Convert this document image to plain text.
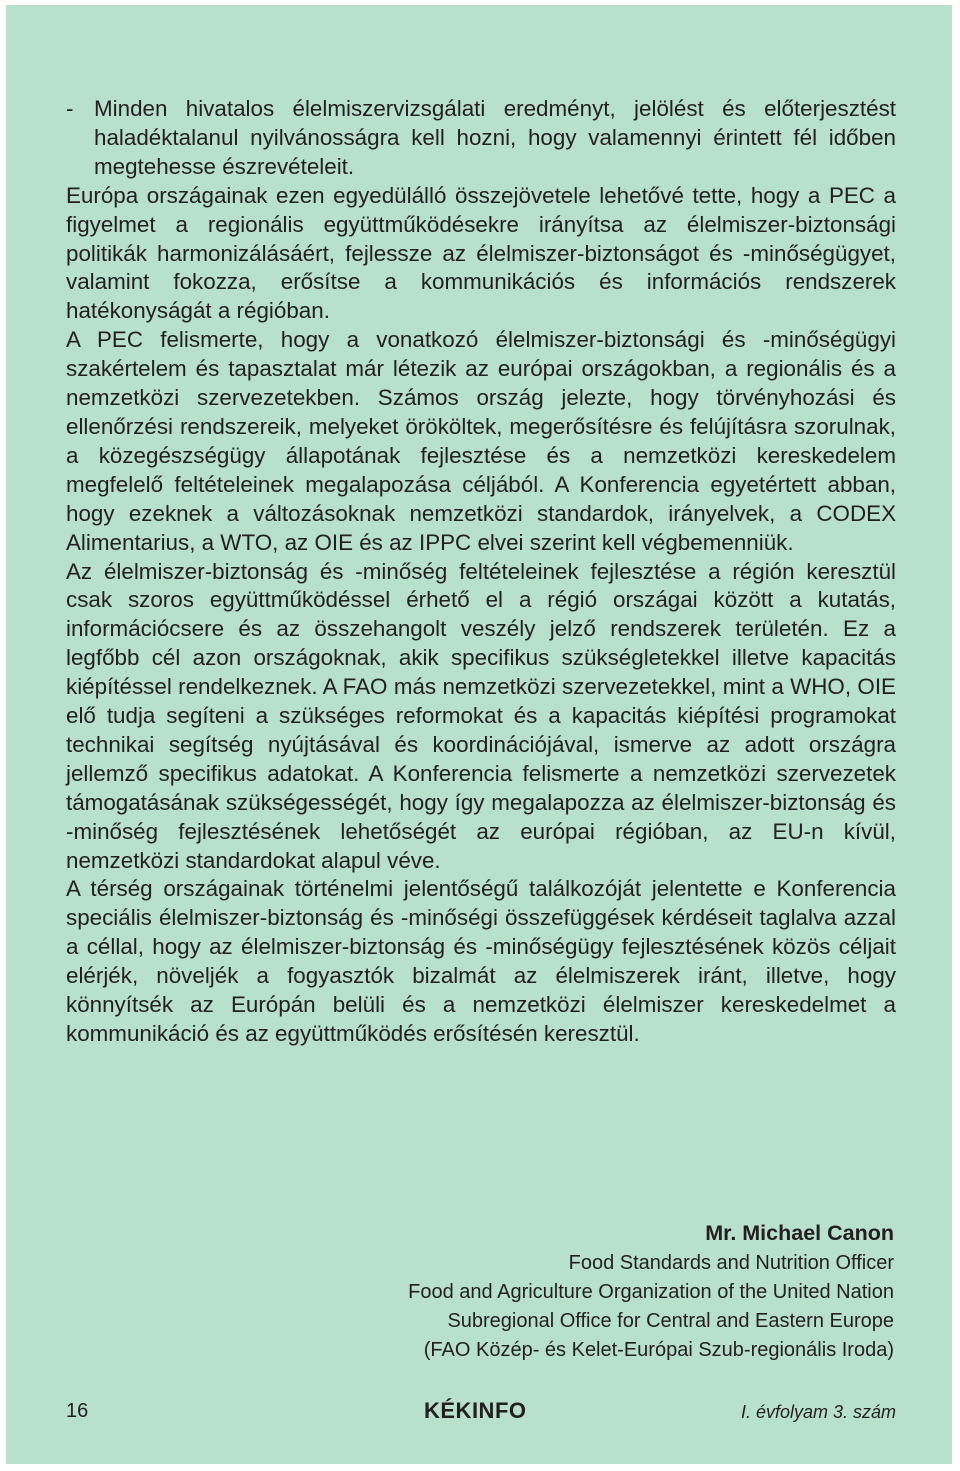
- Minden hivatalos élelmiszervizsgálati eredményt, jelölést és előterjesztést haladéktalanul nyilvánosságra kell hozni, hogy valamennyi érintett fél időben megtehesse észrevételeit.

Európa országainak ezen egyedülálló összejövetele lehetővé tette, hogy a PEC a figyelmet a regionális együttműködésekre irányítsa az élelmiszer-biztonsági politikák harmonizálásáért, fejlessze az élelmiszer-biztonságot és -minőségügyet, valamint fokozza, erősítse a kommunikációs és információs rendszerek hatékonyságát a régióban.

A PEC felismerte, hogy a vonatkozó élelmiszer-biztonsági és -minőségügyi szakértelem és tapasztalat már létezik az európai országokban, a regionális és a nemzetközi szervezetekben. Számos ország jelezte, hogy törvényhozási és ellenőrzési rendszereik, melyeket örököltek, megerősítésre és felújításra szorulnak, a közegészségügy állapotának fejlesztése és a nemzetközi kereskedelem megfelelő feltételeinek megalapozása céljából. A Konferencia egyetértett abban, hogy ezeknek a változásoknak nemzetközi standardok, irányelvek, a CODEX Alimentarius, a WTO, az OIE és az IPPC elvei szerint kell végbemenniük.

Az élelmiszer-biztonság és -minőség feltételeinek fejlesztése a régión keresztül csak szoros együttműködéssel érhető el a régió országai között a kutatás, információcsere és az összehangolt veszély jelző rendszerek területén. Ez a legfőbb cél azon országoknak, akik specifikus szükségletekkel illetve kapacitás kiépítéssel rendelkeznek. A FAO más nemzetközi szervezetekkel, mint a WHO, OIE elő tudja segíteni a szükséges reformokat és a kapacitás kiépítési programokat technikai segítség nyújtásával és koordinációjával, ismerve az adott országra jellemző specifikus adatokat. A Konferencia felismerte a nemzetközi szervezetek támogatásának szükségességét, hogy így megalapozza az élelmiszer-biztonság és -minőség fejlesztésének lehetőségét az európai régióban, az EU-n kívül, nemzetközi standardokat alapul véve.

A térség országainak történelmi jelentőségű találkozóját jelentette e Konferencia speciális élelmiszer-biztonság és -minőségi összefüggések kérdéseit taglalva azzal a céllal, hogy az élelmiszer-biztonság és -minőségügy fejlesztésének közös céljait elérjék, növeljék a fogyasztók bizalmát az élelmiszerek iránt, illetve, hogy könnyítsék az Európán belüli és a nemzetközi élelmiszer kereskedelmet a kommunikáció és az együttműködés erősítésén keresztül.

Mr. Michael Canon
Food Standards and Nutrition Officer
Food and Agriculture Organization of the United Nation
Subregional Office for Central and Eastern Europe
(FAO Közép- és Kelet-Európai Szub-regionális Iroda)
16	KÉKINFO	I. évfolyam 3. szám
